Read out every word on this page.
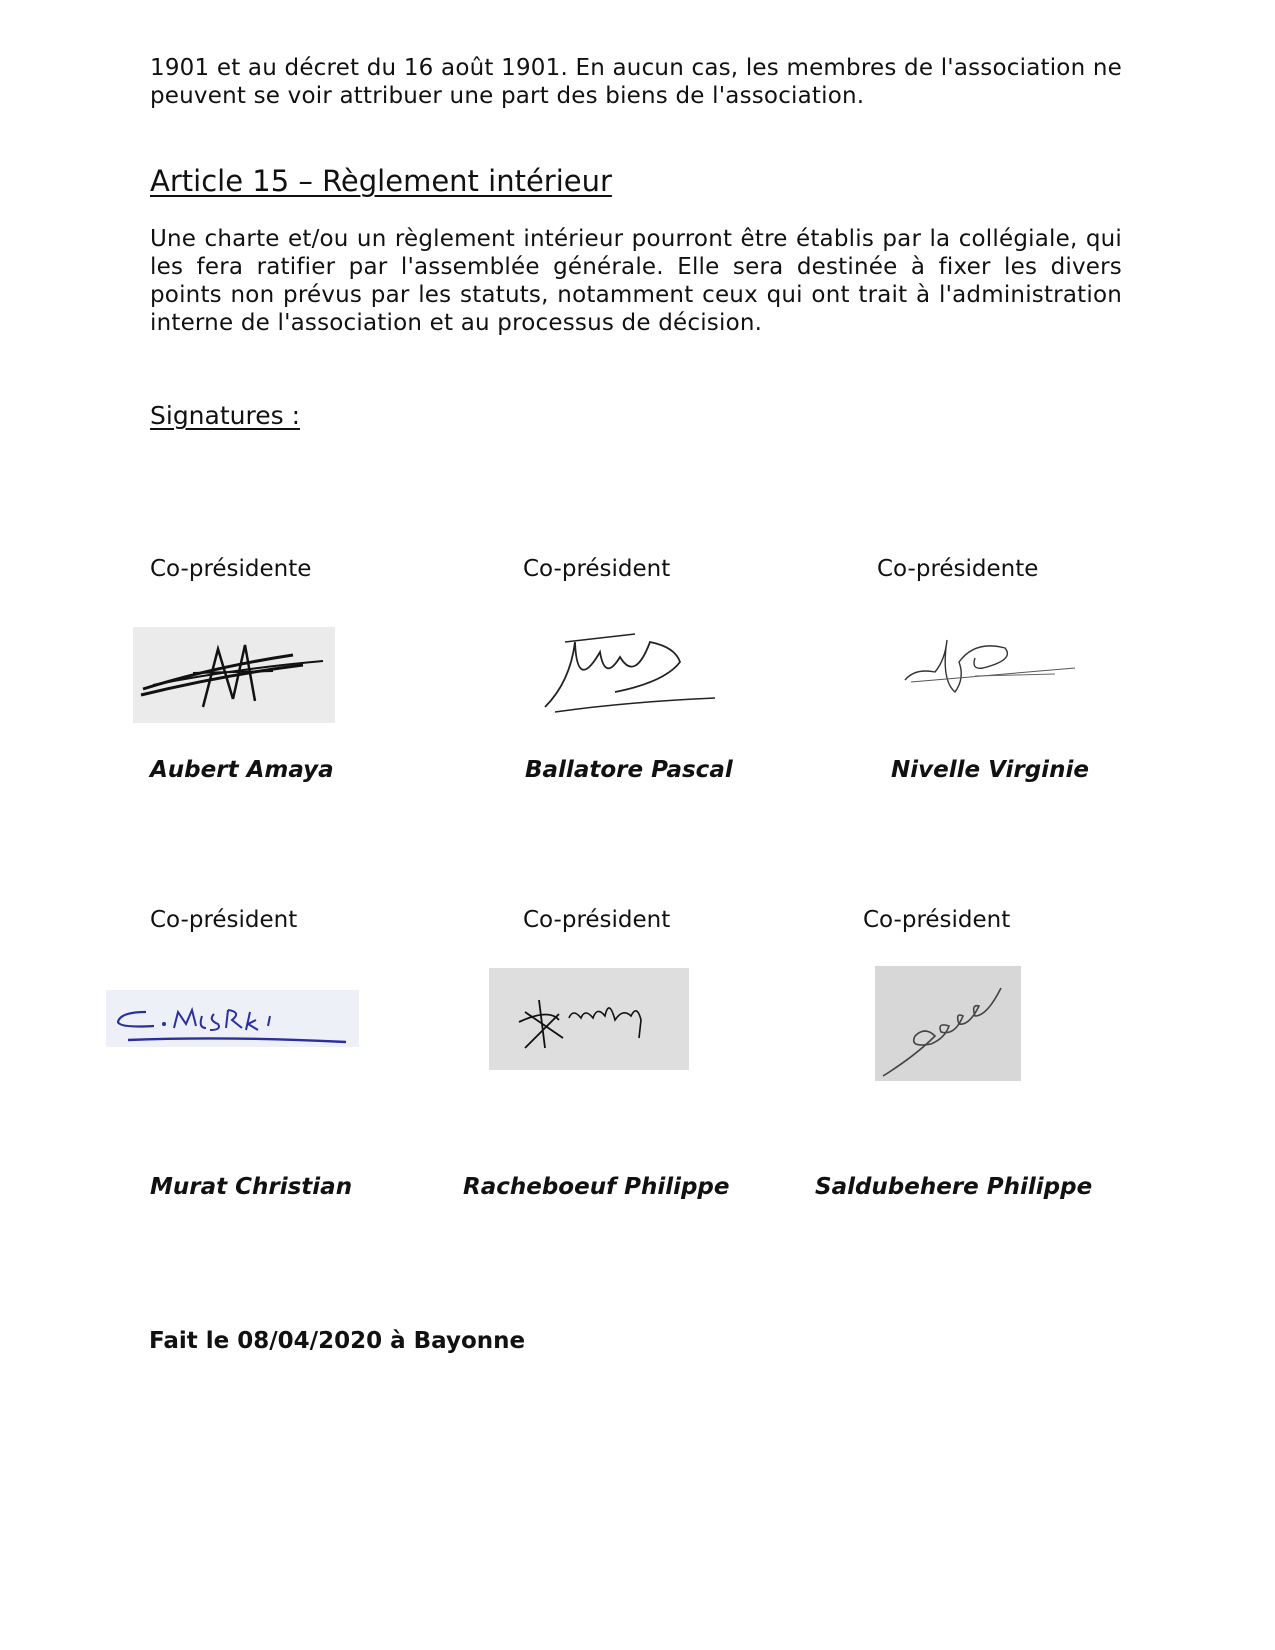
1901 et au décret du 16 août 1901. En aucun cas, les membres de l'association ne peuvent se voir attribuer une part des biens de l'association.
Article 15 – Règlement intérieur
Une charte et/ou un règlement intérieur pourront être établis par la collégiale, qui les fera ratifier par l'assemblée générale. Elle sera destinée à fixer les divers points non prévus par les statuts, notamment ceux qui ont trait à l'administration interne de l'association et au processus de décision.
Signatures :
Co-présidente	Co-président	Co-présidente
Aubert Amaya	Ballatore Pascal	Nivelle Virginie
Co-président	Co-président	Co-président
Murat Christian	Racheboeuf Philippe	Saldubehere Philippe
Fait le 08/04/2020 à Bayonne
